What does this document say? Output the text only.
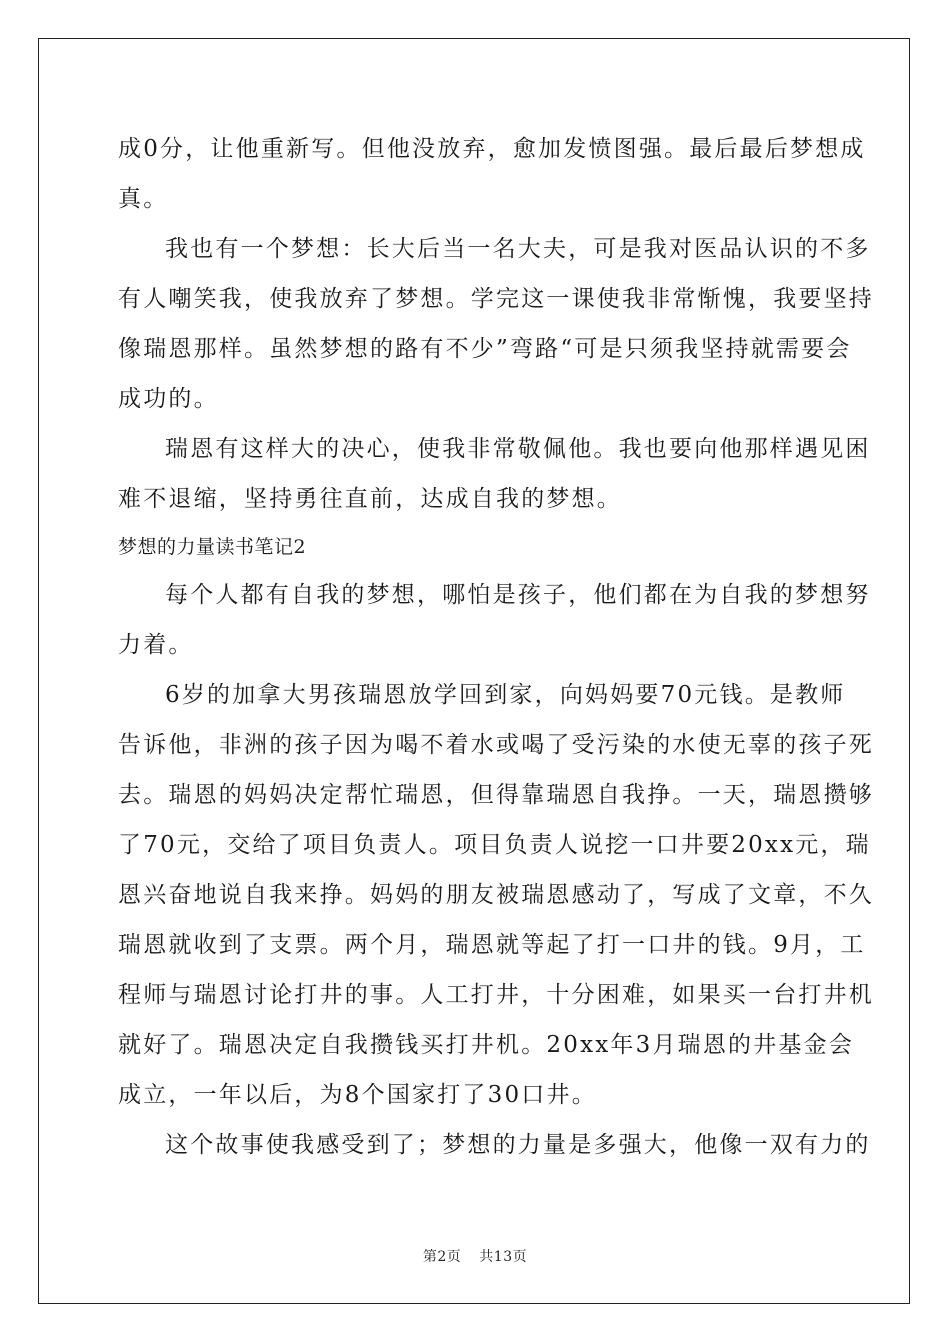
成0分，让他重新写。但他没放弃，愈加发愤图强。最后最后梦想成
真。
我也有一个梦想：长大后当一名大夫，可是我对医品认识的不多
有人嘲笑我，使我放弃了梦想。学完这一课使我非常惭愧，我要坚持
像瑞恩那样。虽然梦想的路有不少”弯路“可是只须我坚持就需要会
成功的。
瑞恩有这样大的决心，使我非常敬佩他。我也要向他那样遇见困
难不退缩，坚持勇往直前，达成自我的梦想。
梦想的力量读书笔记2
每个人都有自我的梦想，哪怕是孩子，他们都在为自我的梦想努
力着。
6岁的加拿大男孩瑞恩放学回到家，向妈妈要70元钱。是教师
告诉他，非洲的孩子因为喝不着水或喝了受污染的水使无辜的孩子死
去。瑞恩的妈妈决定帮忙瑞恩，但得靠瑞恩自我挣。一天，瑞恩攒够
了70元，交给了项目负责人。项目负责人说挖一口井要20xx元，瑞
恩兴奋地说自我来挣。妈妈的朋友被瑞恩感动了，写成了文章，不久
瑞恩就收到了支票。两个月，瑞恩就等起了打一口井的钱。9月，工
程师与瑞恩讨论打井的事。人工打井，十分困难，如果买一台打井机
就好了。瑞恩决定自我攒钱买打井机。20xx年3月瑞恩的井基金会
成立，一年以后，为8个国家打了30口井。
这个故事使我感受到了；梦想的力量是多强大，他像一双有力的
第2页 共13页
